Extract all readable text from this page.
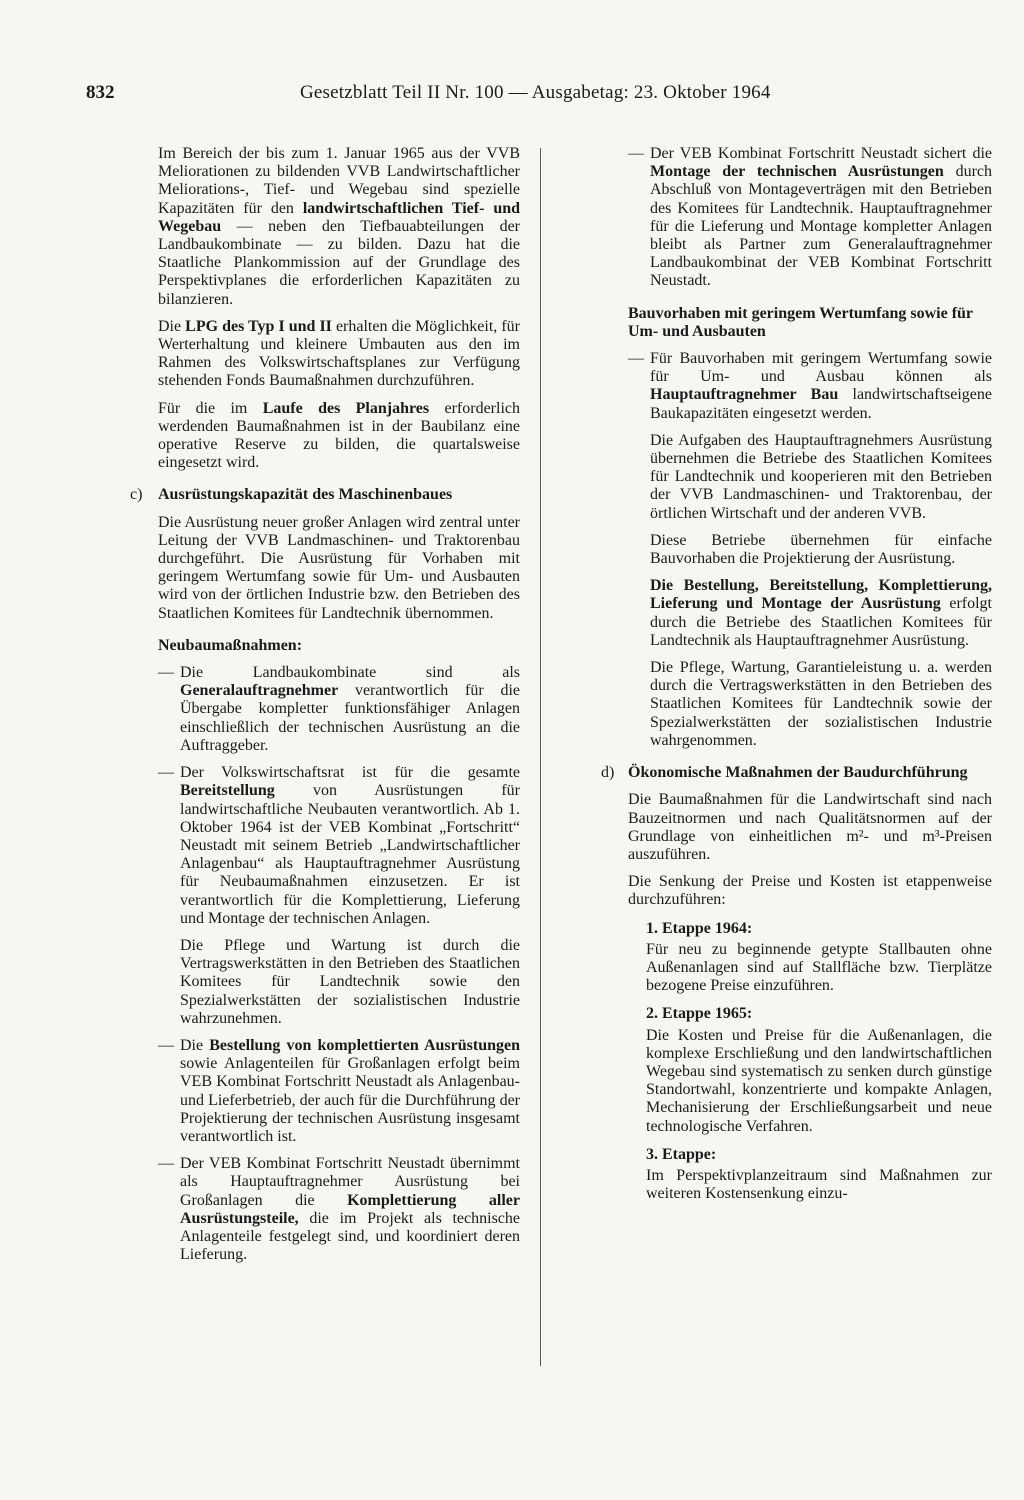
832	Gesetzblatt Teil II Nr. 100 — Ausgabetag: 23. Oktober 1964

Im Bereich der bis zum 1. Januar 1965 aus der VVB Meliorationen zu bildenden VVB Landwirtschaftlicher Meliorations-, Tief- und Wegebau sind spezielle Kapazitäten für den landwirtschaftlichen Tief- und Wegebau — neben den Tiefbauabteilungen der Landbaukombinate — zu bilden. Dazu hat die Staatliche Plankommission auf der Grundlage des Perspektivplanes die erforderlichen Kapazitäten zu bilanzieren.

Die LPG des Typ I und II erhalten die Möglichkeit, für Werterhaltung und kleinere Umbauten aus den im Rahmen des Volkswirtschaftsplanes zur Verfügung stehenden Fonds Baumaßnahmen durchzuführen.

Für die im Laufe des Planjahres erforderlich werdenden Baumaßnahmen ist in der Baubilanz eine operative Reserve zu bilden, die quartalsweise eingesetzt wird.

c) Ausrüstungskapazität des Maschinenbaues

Die Ausrüstung neuer großer Anlagen wird zentral unter Leitung der VVB Landmaschinen- und Traktorenbau durchgeführt. Die Ausrüstung für Vorhaben mit geringem Wertumfang sowie für Um- und Ausbauten wird von der örtlichen Industrie bzw. den Betrieben des Staatlichen Komitees für Landtechnik übernommen.

Neubaumaßnahmen:

— Die Landbaukombinate sind als Generalauftragnehmer verantwortlich für die Übergabe kompletter funktionsfähiger Anlagen einschließlich der technischen Ausrüstung an die Auftraggeber.

— Der Volkswirtschaftsrat ist für die gesamte Bereitstellung von Ausrüstungen für landwirtschaftliche Neubauten verantwortlich. Ab 1. Oktober 1964 ist der VEB Kombinat „Fortschritt“ Neustadt mit seinem Betrieb „Landwirtschaftlicher Anlagenbau“ als Hauptauftragnehmer Ausrüstung für Neubaumaßnahmen einzusetzen. Er ist verantwortlich für die Komplettierung, Lieferung und Montage der technischen Anlagen.

Die Pflege und Wartung ist durch die Vertragswerkstätten in den Betrieben des Staatlichen Komitees für Landtechnik sowie den Spezialwerkstätten der sozialistischen Industrie wahrzunehmen.

— Die Bestellung von komplettierten Ausrüstungen sowie Anlagenteilen für Großanlagen erfolgt beim VEB Kombinat Fortschritt Neustadt als Anlagenbau- und Lieferbetrieb, der auch für die Durchführung der Projektierung der technischen Ausrüstung insgesamt verantwortlich ist.

— Der VEB Kombinat Fortschritt Neustadt übernimmt als Hauptauftragnehmer Ausrüstung bei Großanlagen die Komplettierung aller Ausrüstungsteile, die im Projekt als technische Anlagenteile festgelegt sind, und koordiniert deren Lieferung.

— Der VEB Kombinat Fortschritt Neustadt sichert die Montage der technischen Ausrüstungen durch Abschluß von Montageverträgen mit den Betrieben des Komitees für Landtechnik. Hauptauftragnehmer für die Lieferung und Montage kompletter Anlagen bleibt als Partner zum Generalauftragnehmer Landbaukombinat der VEB Kombinat Fortschritt Neustadt.

Bauvorhaben mit geringem Wertumfang sowie für Um- und Ausbauten

— Für Bauvorhaben mit geringem Wertumfang sowie für Um- und Ausbau können als Hauptauftragnehmer Bau landwirtschaftseigene Baukapazitäten eingesetzt werden.

Die Aufgaben des Hauptauftragnehmers Ausrüstung übernehmen die Betriebe des Staatlichen Komitees für Landtechnik und kooperieren mit den Betrieben der VVB Landmaschinen- und Traktorenbau, der örtlichen Wirtschaft und der anderen VVB.

Diese Betriebe übernehmen für einfache Bauvorhaben die Projektierung der Ausrüstung.

Die Bestellung, Bereitstellung, Komplettierung, Lieferung und Montage der Ausrüstung erfolgt durch die Betriebe des Staatlichen Komitees für Landtechnik als Hauptauftragnehmer Ausrüstung.

Die Pflege, Wartung, Garantieleistung u. a. werden durch die Vertragswerkstätten in den Betrieben des Staatlichen Komitees für Landtechnik sowie der Spezialwerkstätten der sozialistischen Industrie wahrgenommen.

d) Ökonomische Maßnahmen der Baudurchführung

Die Baumaßnahmen für die Landwirtschaft sind nach Bauzeitnormen und nach Qualitätsnormen auf der Grundlage von einheitlichen m²- und m³-Preisen auszuführen.

Die Senkung der Preise und Kosten ist etappenweise durchzuführen:

1. Etappe 1964:

Für neu zu beginnende getypte Stallbauten ohne Außenanlagen sind auf Stallfläche bzw. Tierplätze bezogene Preise einzuführen.

2. Etappe 1965:

Die Kosten und Preise für die Außenanlagen, die komplexe Erschließung und den landwirtschaftlichen Wegebau sind systematisch zu senken durch günstige Standortwahl, konzentrierte und kompakte Anlagen, Mechanisierung der Erschließungsarbeit und neue technologische Verfahren.

3. Etappe:

Im Perspektivplanzeitraum sind Maßnahmen zur weiteren Kostensenkung einzu-
